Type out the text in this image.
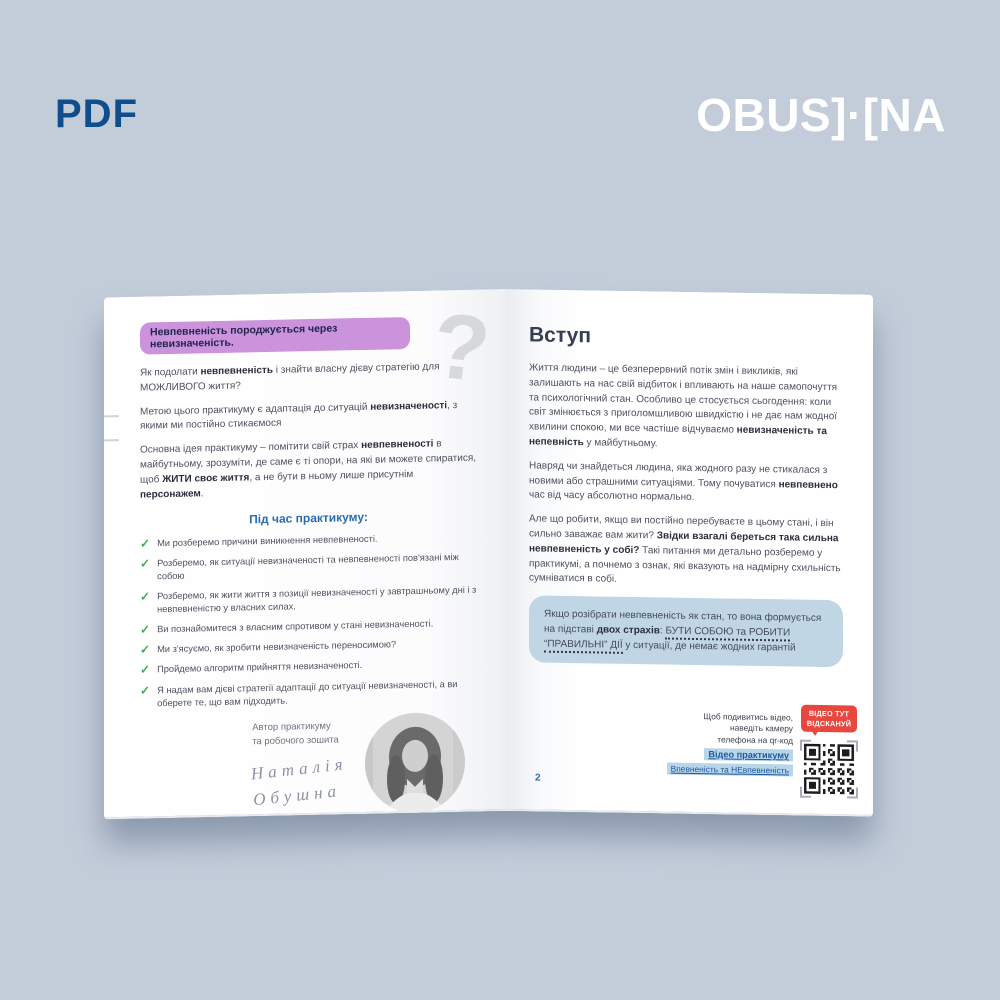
PDF	OBUS]·[NA
?
Невпевненість породжується через невизначеність.

Як подолати невпевненість і знайти власну дієву стратегію для МОЖЛИВОГО життя?

Метою цього практикуму є адаптація до ситуацій невизначеності, з якими ми постійно стикаємося

Основна ідея практикуму – помітити свій страх невпевненості в майбутньому, зрозуміти, де саме є ті опори, на які ви можете спиратися, щоб ЖИТИ своє життя, а не бути в ньому лише присутнім персонажем.

Під час практикуму:
✓ Ми розберемо причини виникнення невпевненості.
✓ Розберемо, як ситуації невизначеності та невпевненості пов'язані між собою
✓ Розберемо, як жити життя з позиції невизначеності у завтрашньому дні і з невпевненістю у власних силах.
✓ Ви познайомитеся з власним спротивом у стані невизначеності.
✓ Ми з'ясуємо, як зробити невизначеність переносимою?
✓ Пройдемо алгоритм прийняття невизначеності.
✓ Я надам вам дієві стратегії адаптації до ситуації невизначеності, а ви оберете те, що вам підходить.
Автор практикуму
та робочого зошита
Наталія
Обушна
Вступ

Життя людини – це безперервний потік змін і викликів, які залишають на нас свій відбиток і впливають на наше самопочуття та психологічний стан. Особливо це стосується сьогодення: коли світ змінюється з приголомшливою швидкістю і не дає нам жодної хвилини спокою, ми все частіше відчуваємо невизначеність та непевність у майбутньому.

Навряд чи знайдеться людина, яка жодного разу не стикалася з новими або страшними ситуаціями. Тому почуватися невпевнено час від часу абсолютно нормально.

Але що робити, якщо ви постійно перебуваєте в цьому стані, і він сильно заважає вам жити? Звідки взагалі береться така сильна невпевненість у собі? Такі питання ми детально розберемо у практикумі, а почнемо з ознак, які вказують на надмірну схильність сумніватися в собі.

Якщо розібрати невпевненість як стан, то вона формується на підставі двох страхів: БУТИ СОБОЮ та РОБИТИ “ПРАВИЛЬНІ” ДІЇ у ситуації, де немає жодних гарантій
2
Щоб подивитись відео,
наведіть камеру
телефона на qr-код
Відео практикуму
Впевненість та НЕвпевненість
ВІДЕО ТУТ
ВІДСКАНУЙ
